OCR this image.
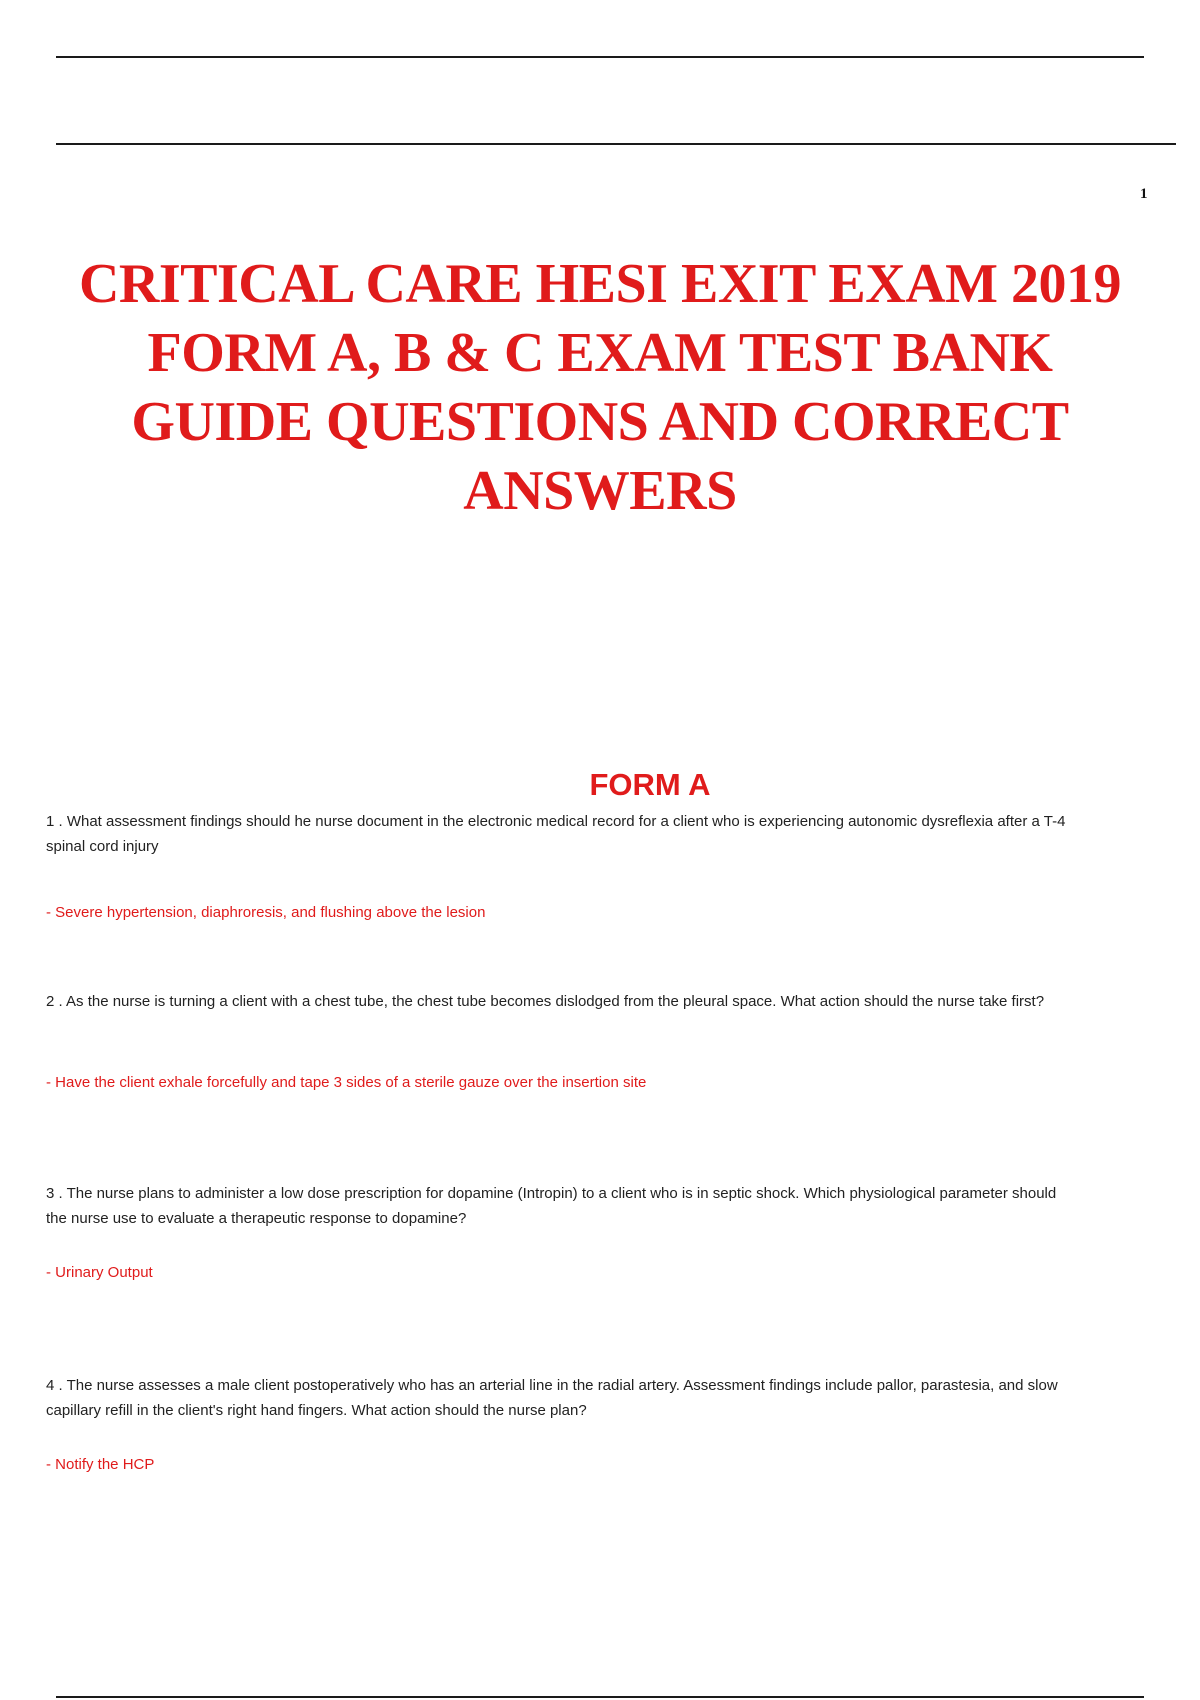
1
CRITICAL CARE HESI EXIT EXAM 2019
FORM A, B & C EXAM TEST BANK
GUIDE QUESTIONS AND CORRECT
ANSWERS
FORM A

1 . What assessment findings should he nurse document in the electronic medical record for a client who is experiencing autonomic dysreflexia after a T-4 spinal cord injury

- Severe hypertension, diaphroresis, and flushing above the lesion

2 . As the nurse is turning a client with a chest tube, the chest tube becomes dislodged from the pleural space. What action should the nurse take first?

- Have the client exhale forcefully and tape 3 sides of a sterile gauze over the insertion site

3 . The nurse plans to administer a low dose prescription for dopamine (Intropin) to a client who is in septic shock. Which physiological parameter should the nurse use to evaluate a therapeutic response to dopamine?

- Urinary Output

4 . The nurse assesses a male client postoperatively who has an arterial line in the radial artery. Assessment findings include pallor, parastesia, and slow capillary refill in the client's right hand fingers. What action should the nurse plan?

- Notify the HCP
